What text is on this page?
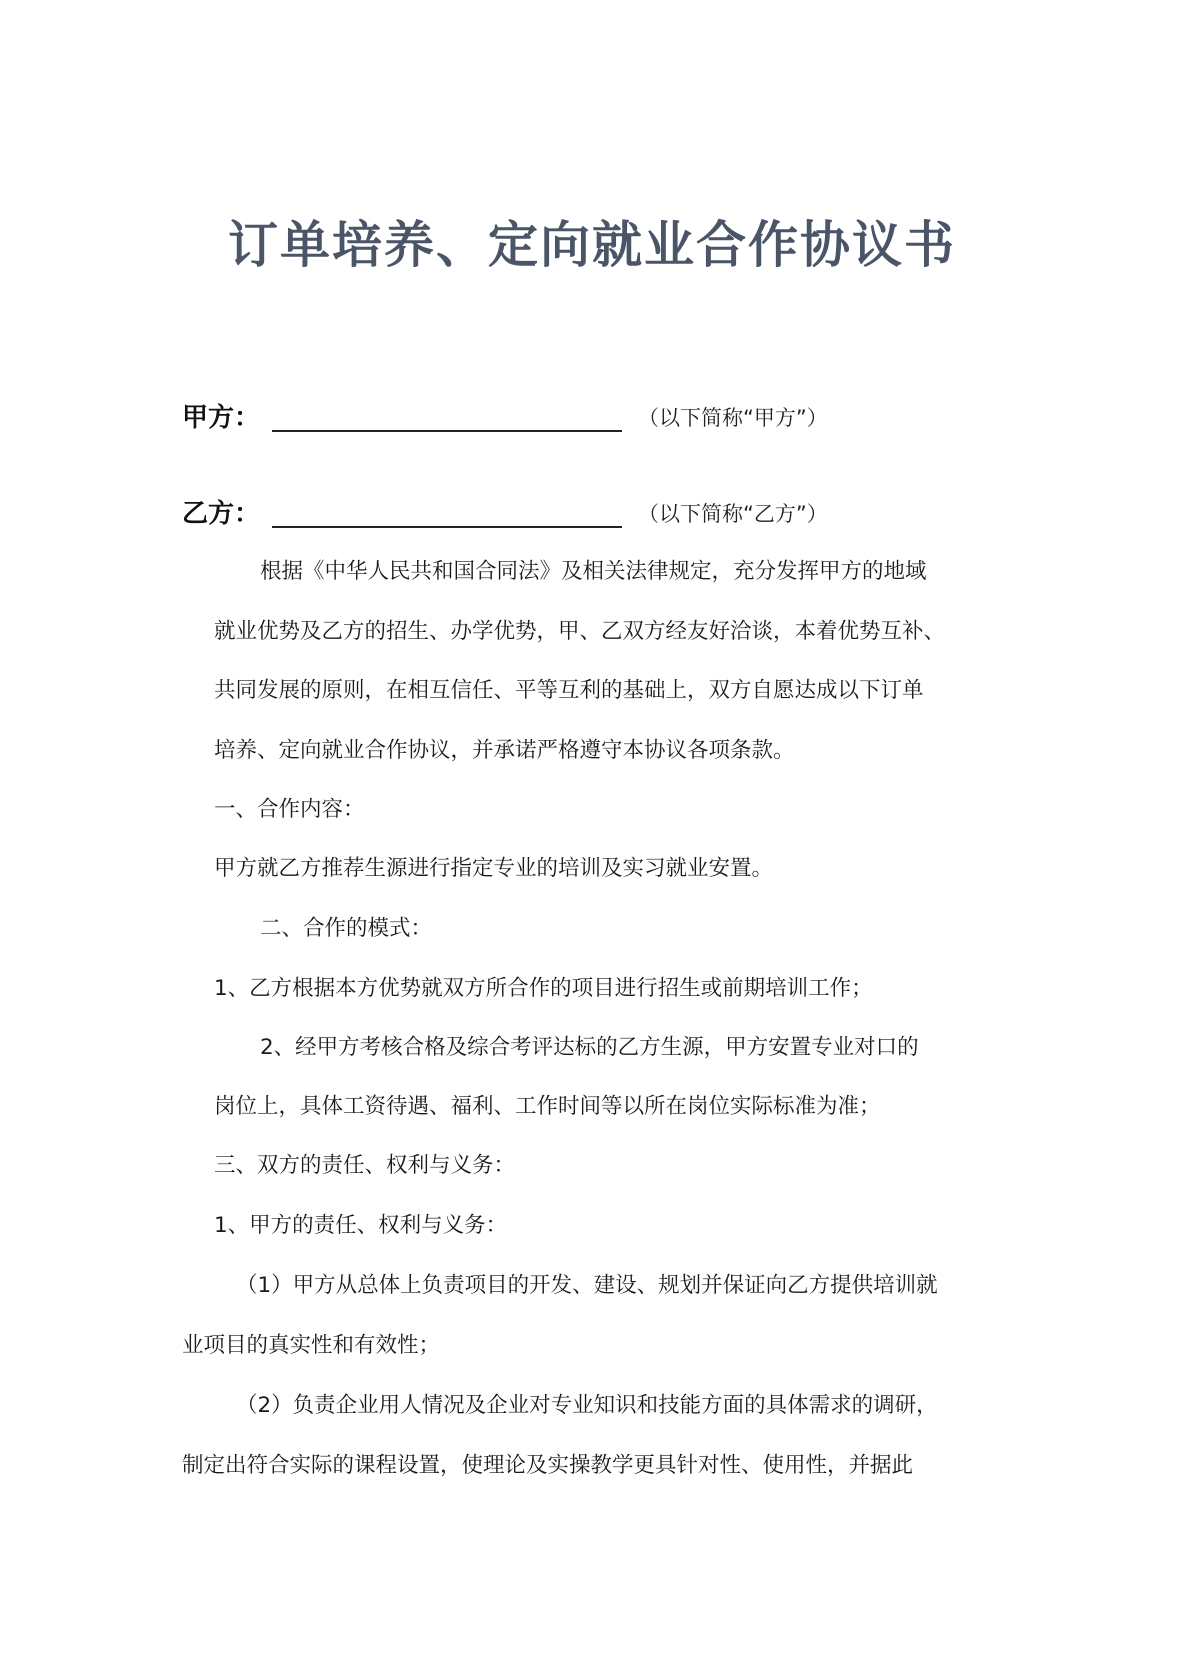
订单培养、定向就业合作协议书
甲方：	（以下简称“甲方”）
乙方：	（以下简称“乙方”）
根据《中华人民共和国合同法》及相关法律规定，充分发挥甲方的地域
就业优势及乙方的招生、办学优势，甲、乙双方经友好洽谈，本着优势互补、
共同发展的原则，在相互信任、平等互利的基础上，双方自愿达成以下订单
培养、定向就业合作协议，并承诺严格遵守本协议各项条款。
一、合作内容：
甲方就乙方推荐生源进行指定专业的培训及实习就业安置。
二、合作的模式：
1、乙方根据本方优势就双方所合作的项目进行招生或前期培训工作；
2、经甲方考核合格及综合考评达标的乙方生源，甲方安置专业对口的
岗位上，具体工资待遇、福利、工作时间等以所在岗位实际标准为准；
三、双方的责任、权利与义务：
1、甲方的责任、权利与义务：
（1）甲方从总体上负责项目的开发、建设、规划并保证向乙方提供培训就
业项目的真实性和有效性；
（2）负责企业用人情况及企业对专业知识和技能方面的具体需求的调研，
制定出符合实际的课程设置，使理论及实操教学更具针对性、使用性，并据此
